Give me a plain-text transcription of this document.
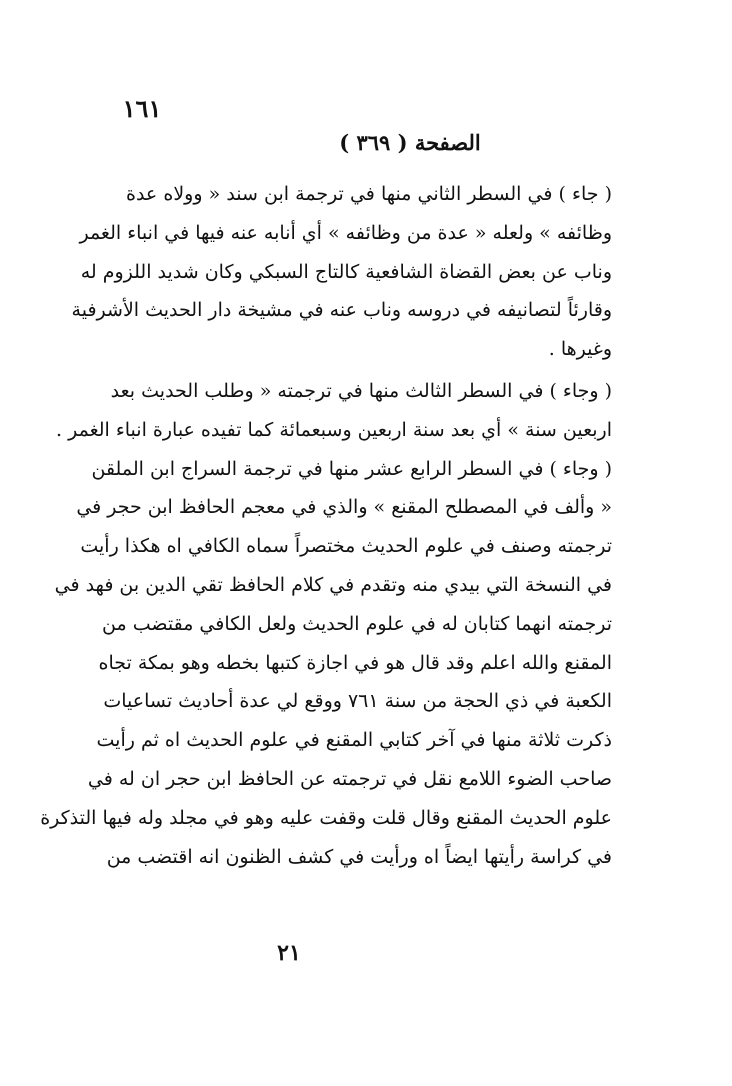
١٦١
الصفحة ( ٣٦٩ )
( جاء ) في السطر الثاني منها في ترجمة ابن سند « وولاه عدة
وظائفه » ولعله « عدة من وظائفه » أي أنابه عنه فيها في انباء الغمر
وناب عن بعض القضاة الشافعية كالتاج السبكي وكان شديد اللزوم له
وقارئاً لتصانيفه في دروسه وناب عنه في مشيخة دار الحديث الأشرفية
وغيرها .
( وجاء ) في السطر الثالث منها في ترجمته « وطلب الحديث بعد
اربعين سنة » أي بعد سنة اربعين وسبعمائة كما تفيده عبارة انباء الغمر .
( وجاء ) في السطر الرابع عشر منها في ترجمة السراج ابن الملقن
« وألف في المصطلح المقنع » والذي في معجم الحافظ ابن حجر في
ترجمته وصنف في علوم الحديث مختصراً سماه الكافي اه هكذا رأيت
في النسخة التي بيدي منه وتقدم في كلام الحافظ تقي الدين بن فهد في
ترجمته انهما كتابان له في علوم الحديث ولعل الكافي مقتضب من
المقنع والله اعلم وقد قال هو في اجازة كتبها بخطه وهو بمكة تجاه
الكعبة في ذي الحجة من سنة ٧٦١ ووقع لي عدة أحاديث تساعيات
ذكرت ثلاثة منها في آخر كتابي المقنع في علوم الحديث اه ثم رأيت
صاحب الضوء اللامع نقل في ترجمته عن الحافظ ابن حجر ان له في
علوم الحديث المقنع وقال قلت وقفت عليه وهو في مجلد وله فيها التذكرة
في كراسة رأيتها ايضاً اه ورأيت في كشف الظنون انه اقتضب من
٢١
